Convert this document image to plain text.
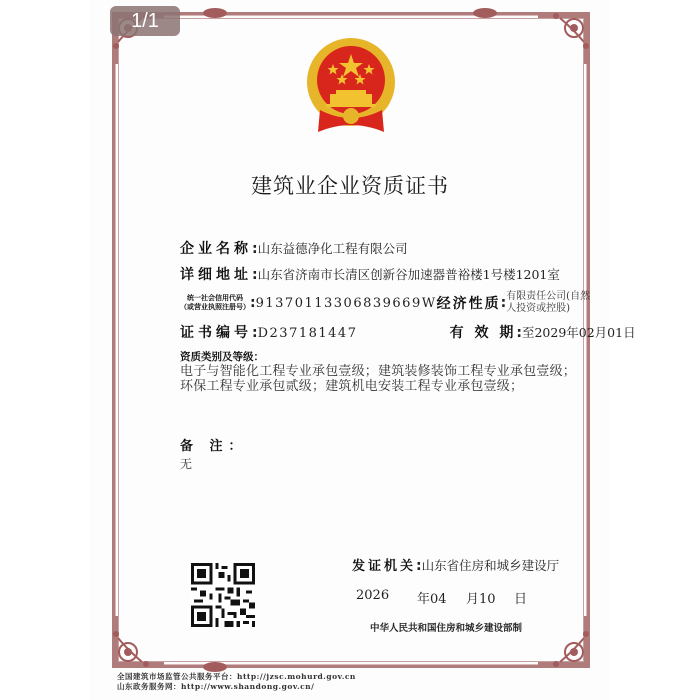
1/1
建筑业企业资质证书
企业名称 : 山东益德净化工程有限公司
详细地址 : 山东省济南市长清区创新谷加速器普裕楼1号楼1201室
统一社会信用代码
（或营业执照注册号） : 91370113306839669W 经济性质 : 有限责任公司(自然人投资或控股)
证书编号 : D237181447	有 效 期 : 至2029年02月01日
资质类别及等级：
电子与智能化工程专业承包壹级；建筑装修装饰工程专业承包壹级；环保工程专业承包贰级；建筑机电安装工程专业承包壹级；
备 注：
无
发证机关 : 山东省住房和城乡建设厅
2026 年04 月10 日
中华人民共和国住房和城乡建设部制
全国建筑市场监管公共服务平台：http://jzsc.mohurd.gov.cn
山东政务服务网：http://www.shandong.gov.cn/
